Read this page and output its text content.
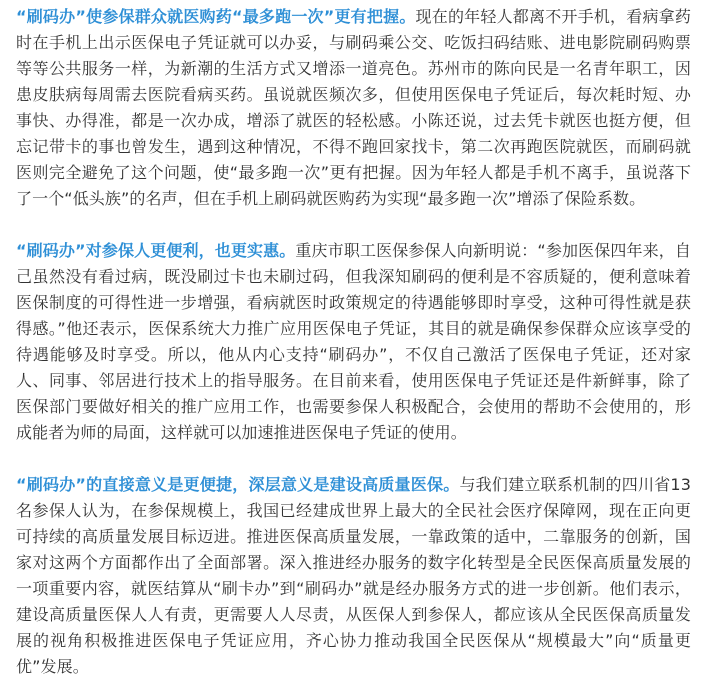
“刷码办”使参保群众就医购药“最多跑一次”更有把握。现在的年轻人都离不开手机，看病拿药时在手机上出示医保电子凭证就可以办妥，与刷码乘公交、吃饭扫码结账、进电影院刷码购票等等公共服务一样，为新潮的生活方式又增添一道亮色。苏州市的陈向民是一名青年职工，因患皮肤病每周需去医院看病买药。虽说就医频次多，但使用医保电子凭证后，每次耗时短、办事快、办得准，都是一次办成，增添了就医的轻松感。小陈还说，过去凭卡就医也挺方便，但忘记带卡的事也曾发生，遇到这种情况，不得不跑回家找卡，第二次再跑医院就医，而刷码就医则完全避免了这个问题，使“最多跑一次”更有把握。因为年轻人都是手机不离手，虽说落下了一个“低头族”的名声，但在手机上刷码就医购药为实现“最多跑一次”增添了保险系数。

“刷码办”对参保人更便利，也更实惠。重庆市职工医保参保人向新明说：“参加医保四年来，自己虽然没有看过病，既没刷过卡也未刷过码，但我深知刷码的便利是不容质疑的，便利意味着医保制度的可得性进一步增强，看病就医时政策规定的待遇能够即时享受，这种可得性就是获得感。”他还表示，医保系统大力推广应用医保电子凭证，其目的就是确保参保群众应该享受的待遇能够及时享受。所以，他从内心支持“刷码办”，不仅自己激活了医保电子凭证，还对家人、同事、邻居进行技术上的指导服务。在目前来看，使用医保电子凭证还是件新鲜事，除了医保部门要做好相关的推广应用工作，也需要参保人积极配合，会使用的帮助不会使用的，形成能者为师的局面，这样就可以加速推进医保电子凭证的使用。

“刷码办”的直接意义是更便捷，深层意义是建设高质量医保。与我们建立联系机制的四川省13名参保人认为，在参保规模上，我国已经建成世界上最大的全民社会医疗保障网，现在正向更可持续的高质量发展目标迈进。推进医保高质量发展，一靠政策的适中，二靠服务的创新，国家对这两个方面都作出了全面部署。深入推进经办服务的数字化转型是全民医保高质量发展的一项重要内容，就医结算从“刷卡办”到“刷码办”就是经办服务方式的进一步创新。他们表示，建设高质量医保人人有责，更需要人人尽责，从医保人到参保人，都应该从全民医保高质量发展的视角积极推进医保电子凭证应用，齐心协力推动我国全民医保从“规模最大”向“质量更优”发展。
